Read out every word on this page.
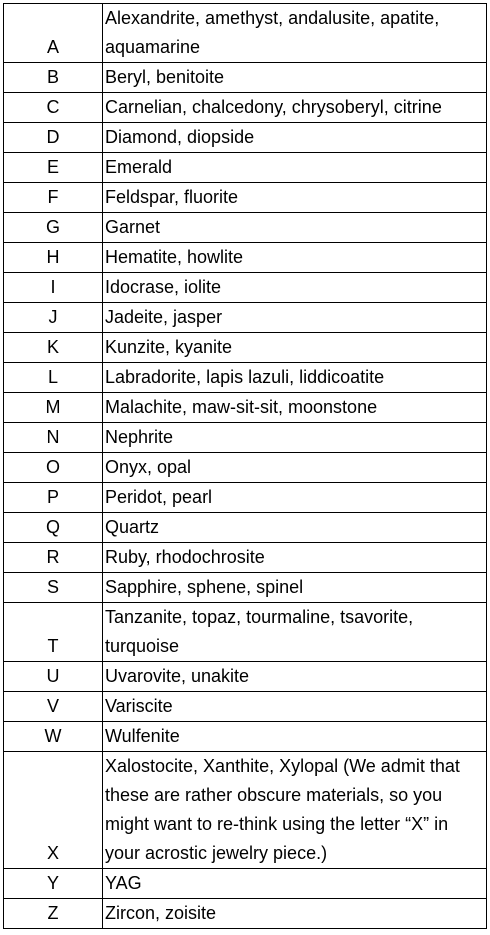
A	Alexandrite, amethyst, andalusite, apatite, aquamarine
B	Beryl, benitoite
C	Carnelian, chalcedony, chrysoberyl, citrine
D	Diamond, diopside
E	Emerald
F	Feldspar, fluorite
G	Garnet
H	Hematite, howlite
I	Idocrase, iolite
J	Jadeite, jasper
K	Kunzite, kyanite
L	Labradorite, lapis lazuli, liddicoatite
M	Malachite, maw-sit-sit, moonstone
N	Nephrite
O	Onyx, opal
P	Peridot, pearl
Q	Quartz
R	Ruby, rhodochrosite
S	Sapphire, sphene, spinel
T	Tanzanite, topaz, tourmaline, tsavorite, turquoise
U	Uvarovite, unakite
V	Variscite
W	Wulfenite
X	Xalostocite, Xanthite, Xylopal (We admit that these are rather obscure materials, so you might want to re-think using the letter “X” in your acrostic jewelry piece.)
Y	YAG
Z	Zircon, zoisite
